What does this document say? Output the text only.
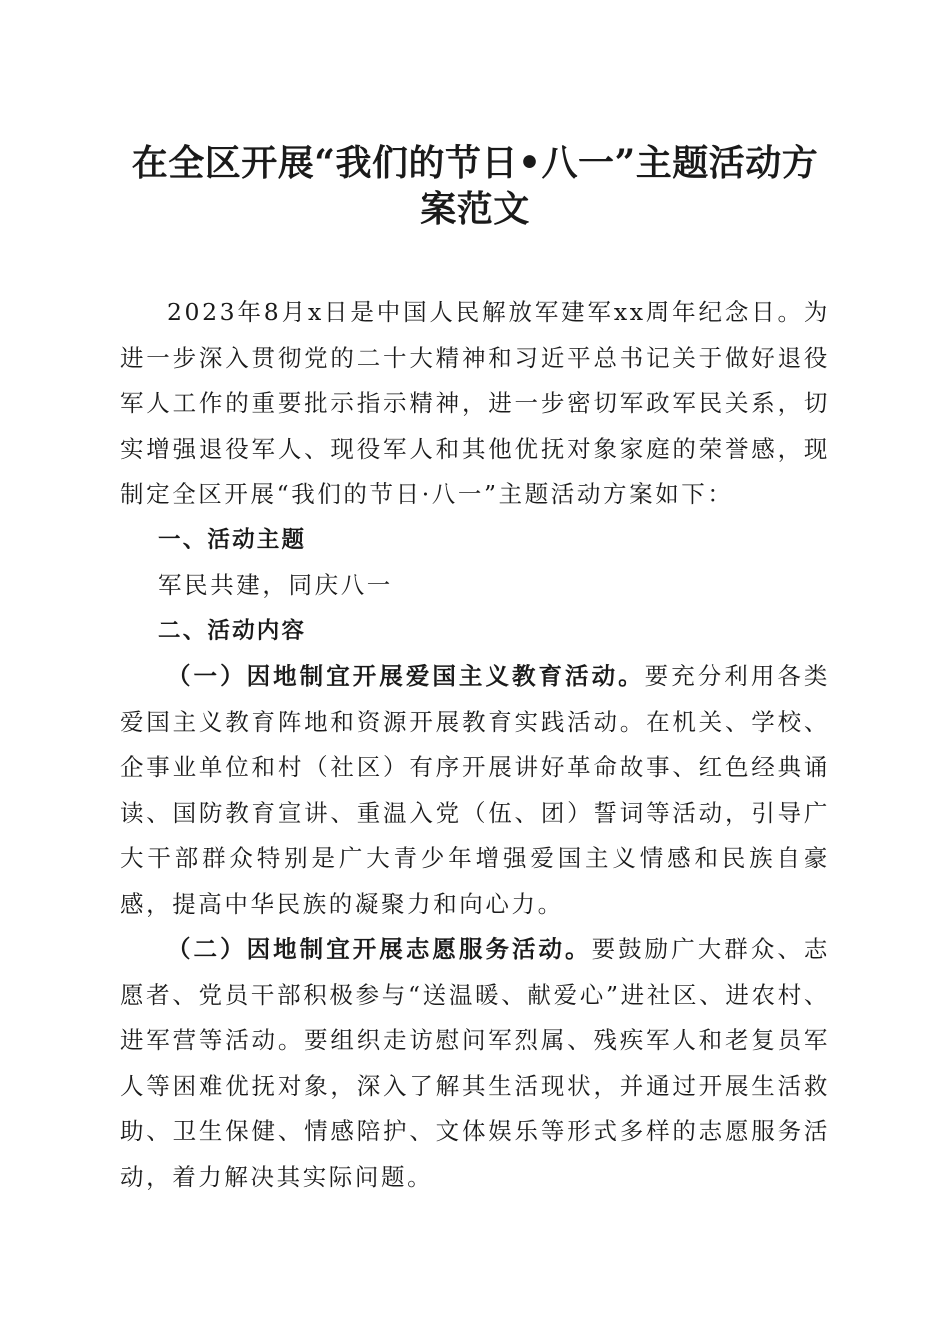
在全区开展“我们的节日•八一”主题活动方
案范文

2023年8月x日是中国人民解放军建军xx周年纪念日。为进一步深入贯彻党的二十大精神和习近平总书记关于做好退役军人工作的重要批示指示精神，进一步密切军政军民关系，切实增强退役军人、现役军人和其他优抚对象家庭的荣誉感，现制定全区开展“我们的节日·八一”主题活动方案如下：

一、活动主题

军民共建，同庆八一

二、活动内容

（一）因地制宜开展爱国主义教育活动。要充分利用各类爱国主义教育阵地和资源开展教育实践活动。在机关、学校、企事业单位和村（社区）有序开展讲好革命故事、红色经典诵读、国防教育宣讲、重温入党（伍、团）誓词等活动，引导广大干部群众特别是广大青少年增强爱国主义情感和民族自豪感，提高中华民族的凝聚力和向心力。

（二）因地制宜开展志愿服务活动。要鼓励广大群众、志愿者、党员干部积极参与“送温暖、献爱心”进社区、进农村、进军营等活动。要组织走访慰问军烈属、残疾军人和老复员军人等困难优抚对象，深入了解其生活现状，并通过开展生活救助、卫生保健、情感陪护、文体娱乐等形式多样的志愿服务活动，着力解决其实际问题。
